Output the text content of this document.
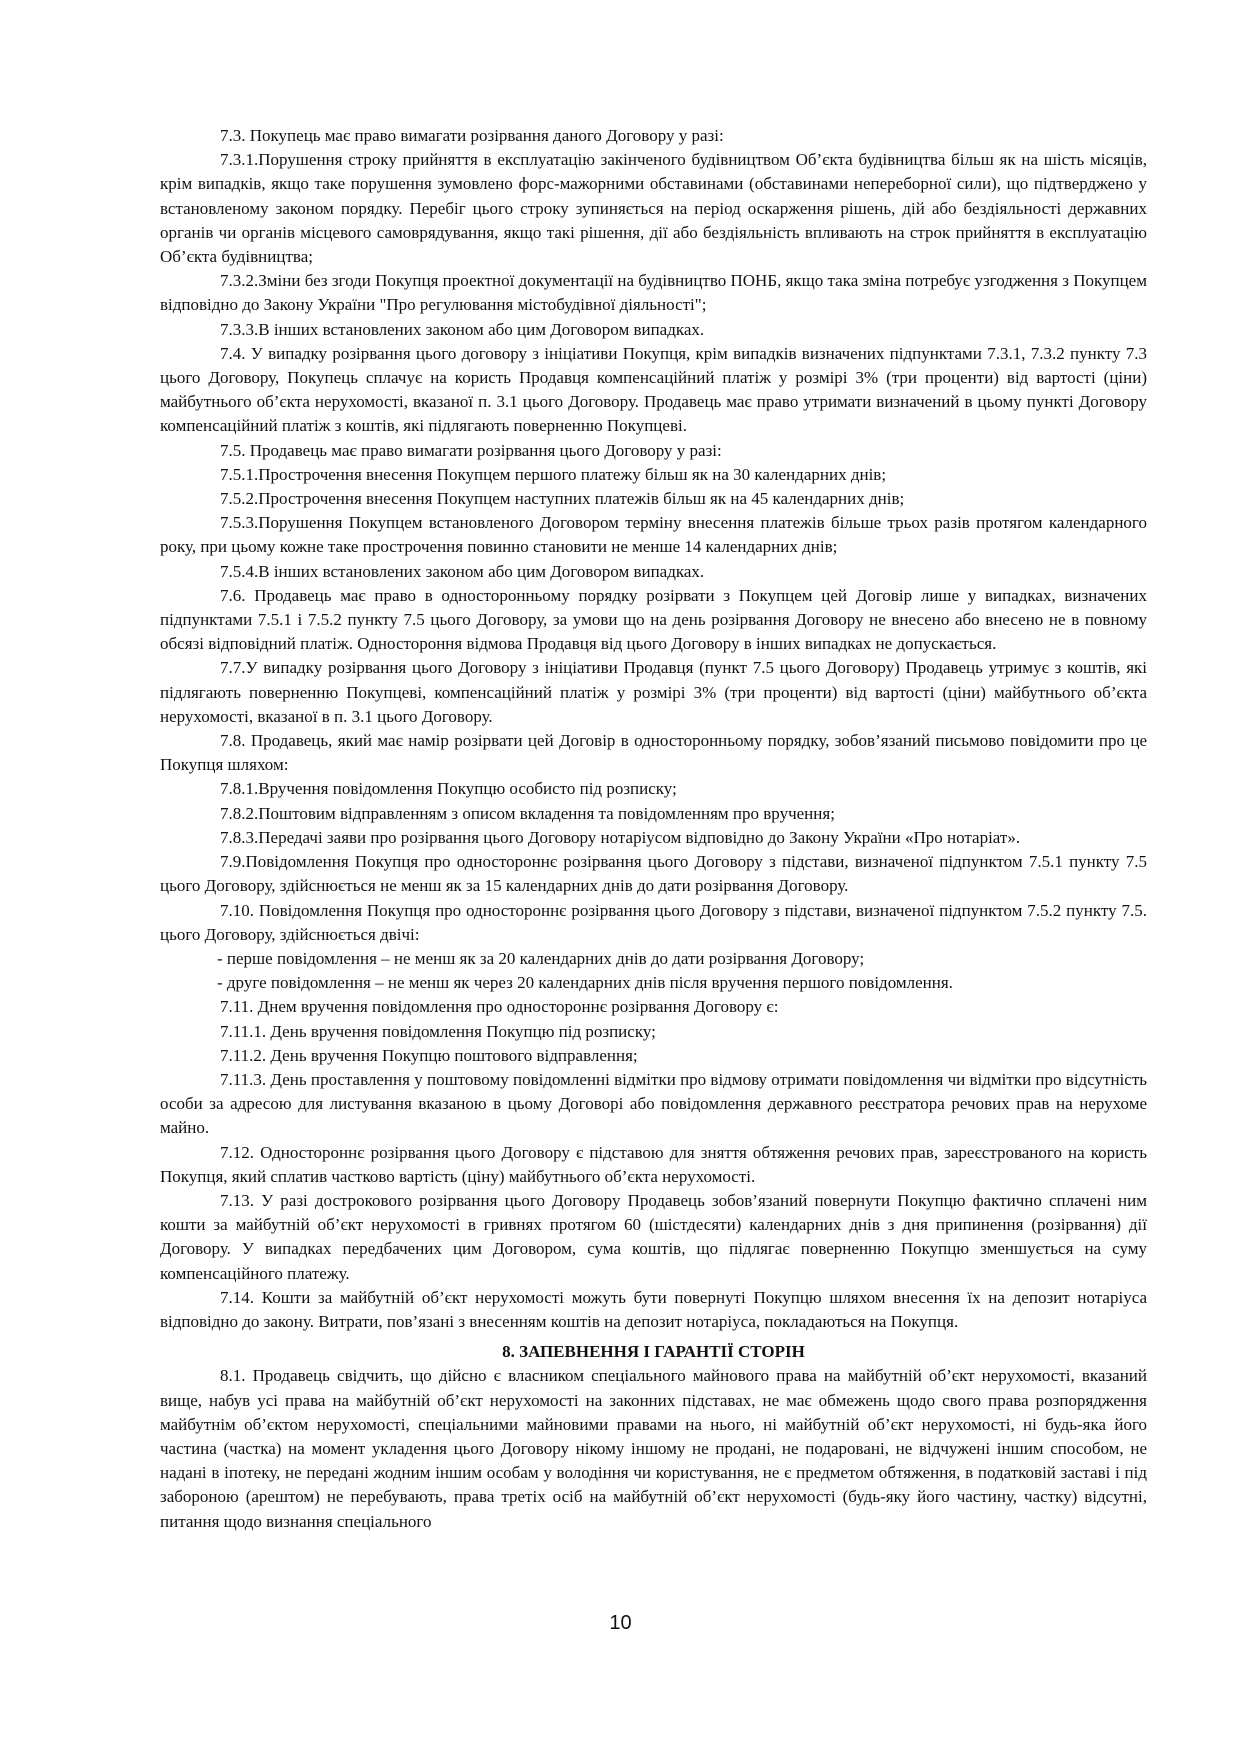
7.3. Покупець має право вимагати розірвання даного Договору у разі:

7.3.1.Порушення строку прийняття в експлуатацію закінченого будівництвом Об’єкта будівництва більш як на шість місяців, крім випадків, якщо таке порушення зумовлено форс-мажорними обставинами (обставинами непереборної сили), що підтверджено у встановленому законом порядку. Перебіг цього строку зупиняється на період оскарження рішень, дій або бездіяльності державних органів чи органів місцевого самоврядування, якщо такі рішення, дії або бездіяльність впливають на строк прийняття в експлуатацію Об’єкта будівництва;

7.3.2.Зміни без згоди Покупця проектної документації на будівництво ПОНБ, якщо така зміна потребує узгодження з Покупцем відповідно до Закону України "Про регулювання містобудівної діяльності";

7.3.3.В інших встановлених законом або цим Договором випадках.

7.4. У випадку розірвання цього договору з ініціативи Покупця, крім випадків визначених підпунктами 7.3.1, 7.3.2 пункту 7.3 цього Договору, Покупець сплачує на користь Продавця компенсаційний платіж у розмірі 3% (три проценти) від вартості (ціни) майбутнього об’єкта нерухомості, вказаної п. 3.1 цього Договору. Продавець має право утримати визначений в цьому пункті Договору компенсаційний платіж з коштів, які підлягають поверненню Покупцеві.

7.5. Продавець має право вимагати розірвання цього Договору у разі:

7.5.1.Прострочення внесення Покупцем першого платежу більш як на 30 календарних днів;

7.5.2.Прострочення внесення Покупцем наступних платежів більш як на 45 календарних днів;

7.5.3.Порушення Покупцем встановленого Договором терміну внесення платежів більше трьох разів протягом календарного року, при цьому кожне таке прострочення повинно становити не менше 14 календарних днів;

7.5.4.В інших встановлених законом або цим Договором випадках.

7.6. Продавець має право в односторонньому порядку розірвати з Покупцем цей Договір лише у випадках, визначених підпунктами 7.5.1 і 7.5.2 пункту 7.5 цього Договору, за умови що на день розірвання Договору не внесено або внесено не в повному обсязі відповідний платіж. Одностороння відмова Продавця від цього Договору в інших випадках не допускається.

7.7.У випадку розірвання цього Договору з ініціативи Продавця (пункт 7.5 цього Договору) Продавець утримує з коштів, які підлягають поверненню Покупцеві, компенсаційний платіж у розмірі 3% (три проценти) від вартості (ціни) майбутнього об’єкта нерухомості, вказаної в п. 3.1 цього Договору.

7.8. Продавець, який має намір розірвати цей Договір в односторонньому порядку, зобов’язаний письмово повідомити про це Покупця шляхом:

7.8.1.Вручення повідомлення Покупцю особисто під розписку;

7.8.2.Поштовим відправленням з описом вкладення та повідомленням про вручення;

7.8.3.Передачі заяви про розірвання цього Договору нотаріусом відповідно до Закону України «Про нотаріат».

7.9.Повідомлення Покупця про одностороннє розірвання цього Договору з підстави, визначеної підпунктом 7.5.1 пункту 7.5 цього Договору, здійснюється не менш як за 15 календарних днів до дати розірвання Договору.

7.10. Повідомлення Покупця про одностороннє розірвання цього Договору з підстави, визначеної підпунктом 7.5.2 пункту 7.5. цього Договору, здійснюється двічі:

- перше повідомлення – не менш як за 20 календарних днів до дати розірвання Договору;

- друге повідомлення – не менш як через 20 календарних днів після вручення першого повідомлення.

7.11. Днем вручення повідомлення про одностороннє розірвання Договору є:

7.11.1. День вручення повідомлення Покупцю під розписку;

7.11.2. День вручення Покупцю поштового відправлення;

7.11.3. День проставлення у поштовому повідомленні відмітки про відмову отримати повідомлення чи відмітки про відсутність особи за адресою для листування вказаною в цьому Договорі або повідомлення державного реєстратора речових прав на нерухоме майно.

7.12. Одностороннє розірвання цього Договору є підставою для зняття обтяження речових прав, зареєстрованого на користь Покупця, який сплатив частково вартість (ціну) майбутнього об’єкта нерухомості.

7.13. У разі дострокового розірвання цього Договору Продавець зобов’язаний повернути Покупцю фактично сплачені ним кошти за майбутній об’єкт нерухомості в гривнях протягом 60 (шістдесяти) календарних днів з дня припинення (розірвання) дії Договору. У випадках передбачених цим Договором, сума коштів, що підлягає поверненню Покупцю зменшується на суму компенсаційного платежу.

7.14. Кошти за майбутній об’єкт нерухомості можуть бути повернуті Покупцю шляхом внесення їх на депозит нотаріуса відповідно до закону. Витрати, пов’язані з внесенням коштів на депозит нотаріуса, покладаються на Покупця.

8. ЗАПЕВНЕННЯ І ГАРАНТІЇ СТОРІН

8.1. Продавець свідчить, що дійсно є власником спеціального майнового права на майбутній об’єкт нерухомості, вказаний вище, набув усі права на майбутній об’єкт нерухомості на законних підставах, не має обмежень щодо свого права розпорядження майбутнім об’єктом нерухомості, спеціальними майновими правами на нього, ні майбутній об’єкт нерухомості, ні будь-яка його частина (частка) на момент укладення цього Договору нікому іншому не продані, не подаровані, не відчужені іншим способом, не надані в іпотеку, не передані жодним іншим особам у володіння чи користування, не є предметом обтяження, в податковій заставі і під забороною (арештом) не перебувають, права третіх осіб на майбутній об’єкт нерухомості (будь-яку його частину, частку) відсутні, питання щодо визнання спеціального

10
